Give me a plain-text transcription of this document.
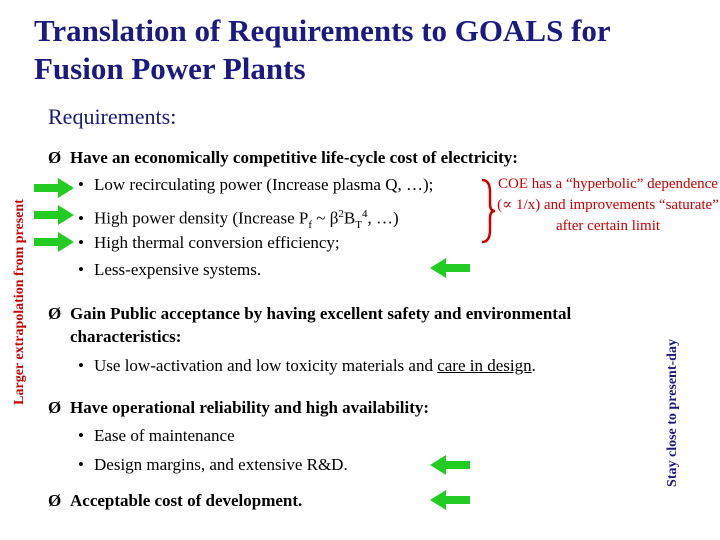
Translation of Requirements to GOALS for Fusion Power Plants
Requirements:
Larger extrapolation from present
Stay close to present-day
Ø Have an economically competitive life-cycle cost of electricity:
• Low recirculating power (Increase plasma Q, …);
• High power density (Increase $P_f$ ~ $\beta^2B_T^4$, …)
• High thermal conversion efficiency;
• Less-expensive systems.
COE has a “hyperbolic” dependence (∝ 1/x) and improvements “saturate” after certain limit
Ø Gain Public acceptance by having excellent safety and environmental
characteristics:
• Use low-activation and low toxicity materials and care in design.
Ø Have operational reliability and high availability:
• Ease of maintenance
• Design margins, and extensive R&D.
Ø Acceptable cost of development.
